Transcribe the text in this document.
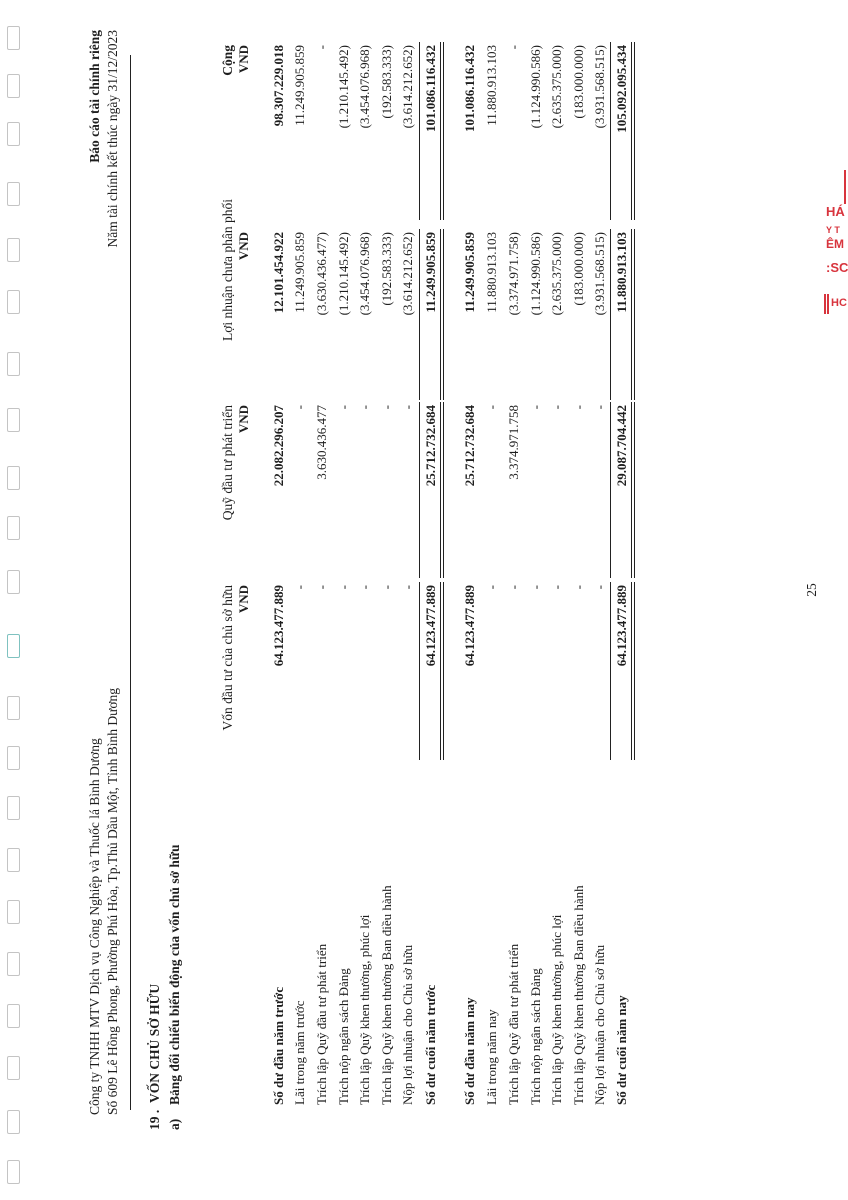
HÁ
Y T
ÊM
:SC
HC
Công ty TNHH MTV Dịch vụ Công Nghiệp và Thuốc lá Bình Dương Số 609 Lê Hồng Phong, Phường Phú Hòa, Tp.Thủ Dầu Một, Tỉnh Bình Dương
Báo cáo tài chính riêng Năm tài chính kết thúc ngày 31/12/2023
19 .
VỐN CHỦ SỞ HỮU
a)
Bảng đối chiếu biến động của vốn chủ sở hữu
Vốn đầu tư của chủ sở hữu
Quỹ đầu tư phát triển
Lợi nhuận chưa phân phối
Cộng
VND
VND
VND
VND
Số dư đầu năm trước
64.123.477.889
22.082.296.207
12.101.454.922
98.307.229.018
Lãi trong năm trước
-
-
11.249.905.859
11.249.905.859
Trích lập Quỹ đầu tư phát triển
-
3.630.436.477
(3.630.436.477)
-
Trích nộp ngân sách Đảng
-
-
(1.210.145.492)
(1.210.145.492)
Trích lập Quỹ khen thưởng, phúc lợi
-
-
(3.454.076.968)
(3.454.076.968)
Trích lập Quỹ khen thưởng Ban điều hành
-
-
(192.583.333)
(192.583.333)
Nộp lợi nhuận cho Chủ sở hữu
-
-
(3.614.212.652)
(3.614.212.652)
Số dư cuối năm trước
64.123.477.889
25.712.732.684
11.249.905.859
101.086.116.432
Số dư đầu năm nay
64.123.477.889
25.712.732.684
11.249.905.859
101.086.116.432
Lãi trong năm nay
-
-
11.880.913.103
11.880.913.103
Trích lập Quỹ đầu tư phát triển
-
3.374.971.758
(3.374.971.758)
-
Trích nộp ngân sách Đảng
-
-
(1.124.990.586)
(1.124.990.586)
Trích lập Quỹ khen thưởng, phúc lợi
-
-
(2.635.375.000)
(2.635.375.000)
Trích lập Quỹ khen thưởng Ban điều hành
-
-
(183.000.000)
(183.000.000)
Nộp lợi nhuận cho Chủ sở hữu
-
-
(3.931.568.515)
(3.931.568.515)
Số dư cuối năm nay
64.123.477.889
29.087.704.442
11.880.913.103
105.092.095.434
25
